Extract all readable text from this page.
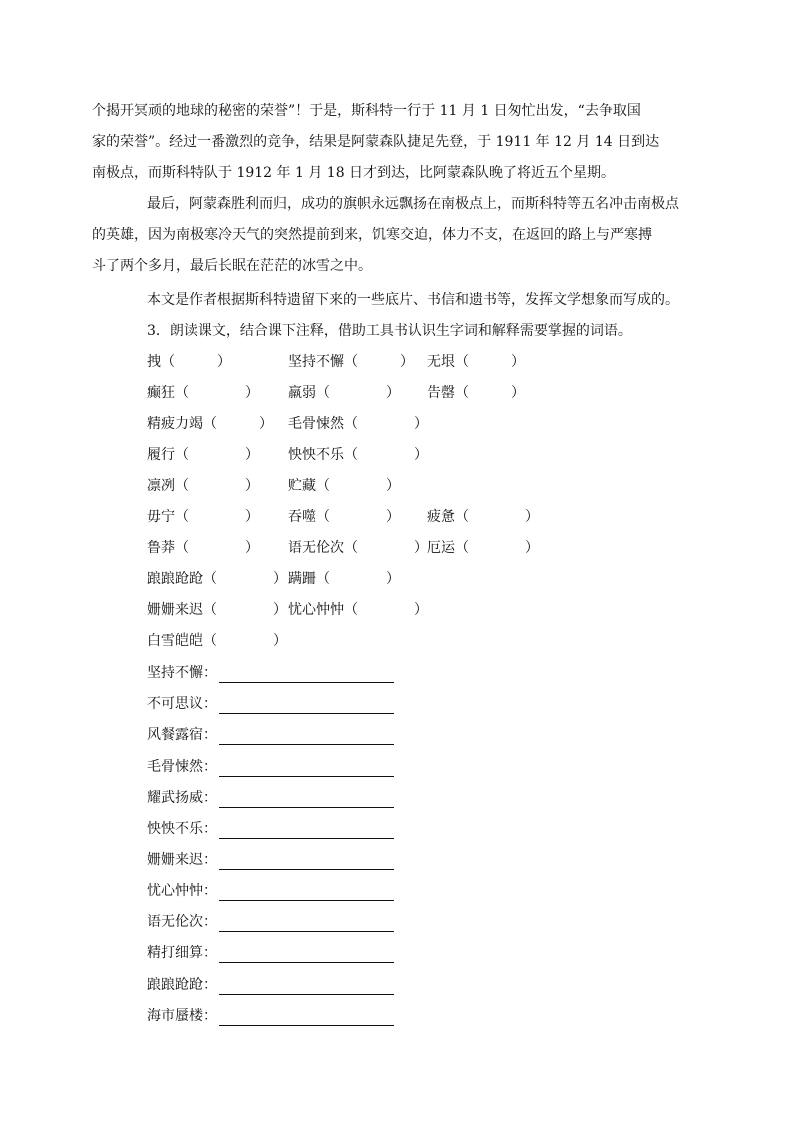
个揭开冥顽的地球的秘密的荣誉”！于是，斯科特一行于 11 月 1 日匆忙出发，“去争取国
家的荣誉”。经过一番激烈的竞争，结果是阿蒙森队捷足先登，于 1911 年 12 月 14 日到达
南极点，而斯科特队于 1912 年 1 月 18 日才到达，比阿蒙森队晚了将近五个星期。
最后，阿蒙森胜利而归，成功的旗帜永远飘扬在南极点上，而斯科特等五名冲击南极点
的英雄，因为南极寒冷天气的突然提前到来，饥寒交迫，体力不支，在返回的路上与严寒搏
斗了两个多月，最后长眠在茫茫的冰雪之中。
本文是作者根据斯科特遗留下来的一些底片、书信和遗书等，发挥文学想象而写成的。
3．朗读课文，结合课下注释，借助工具书认识生字词和解释需要掌握的词语。
拽（　　　）	坚持不懈（　　　） 无垠（　　　）
癫狂（　　　　） 羸弱（　　　　） 告罄（　　　）
精疲力竭（　　　） 毛骨悚然（　　　　）
履行（　　　　） 怏怏不乐（　　　　）
凛冽（　　　　） 贮藏（　　　　）
毋宁（　　　　） 吞噬（　　　　） 疲惫（　　　　）
鲁莽（　　　　） 语无伦次（　　　　） 厄运（　　　　）
踉踉跄跄（　　　　） 蹒跚（　　　　）
姗姗来迟（　　　　） 忧心忡忡（　　　　）
白雪皑皑（　　　　）
坚持不懈：
不可思议：
风餐露宿：
毛骨悚然：
耀武扬威：
怏怏不乐：
姗姗来迟：
忧心忡忡：
语无伦次：
精打细算：
踉踉跄跄：
海市蜃楼：
